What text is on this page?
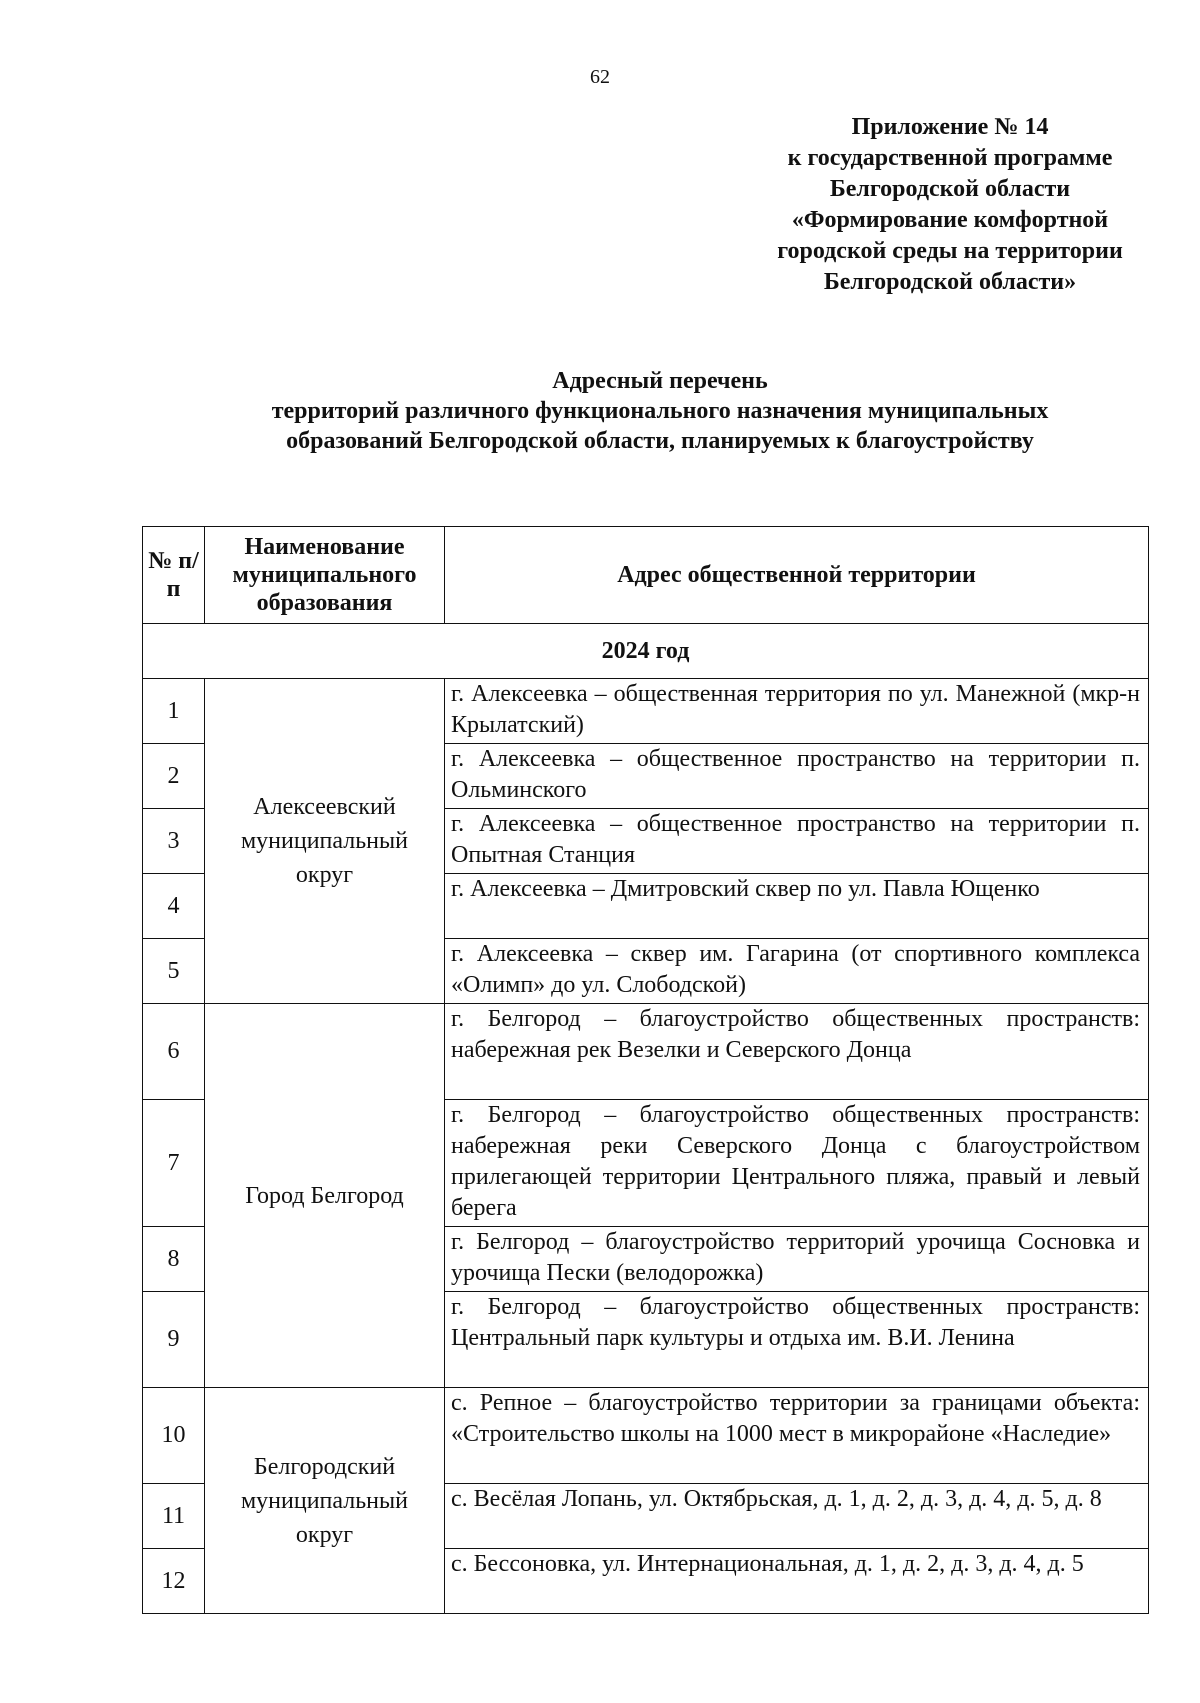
62
Приложение № 14
к государственной программе
Белгородской области
«Формирование комфортной
городской среды на территории
Белгородской области»
Адресный перечень
территорий различного функционального назначения муниципальных
образований Белгородской области, планируемых к благоустройству
№ п/п	Наименование муниципального образования	Адрес общественной территории
2024 год		
1	Алексеевский муниципальный округ	г. Алексеевка – общественная территория по ул. Манежной (мкр-н Крылатский)
2		г. Алексеевка – общественное пространство на территории п. Ольминского
3		г. Алексеевка – общественное пространство на территории п. Опытная Станция
4		г. Алексеевка – Дмитровский сквер по ул. Павла Ющенко
5		г. Алексеевка – сквер им. Гагарина (от спортивного комплекса «Олимп» до ул. Слободской)
6	Город Белгород	г. Белгород – благоустройство общественных пространств: набережная рек Везелки и Северского Донца
7		г. Белгород – благоустройство общественных пространств: набережная реки Северского Донца с благоустройством прилегающей территории Центрального пляжа, правый и левый берега
8		г. Белгород – благоустройство территорий урочища Сосновка и урочища Пески (велодорожка)
9		г. Белгород – благоустройство общественных пространств: Центральный парк культуры и отдыха им. В.И. Ленина
10	Белгородский муниципальный округ	с. Репное – благоустройство территории за границами объекта: «Строительство школы на 1000 мест в микрорайоне «Наследие»
11		с. Весёлая Лопань, ул. Октябрьская, д. 1, д. 2, д. 3, д. 4, д. 5, д. 8
12		с. Бессоновка, ул. Интернациональная, д. 1, д. 2, д. 3, д. 4, д. 5
